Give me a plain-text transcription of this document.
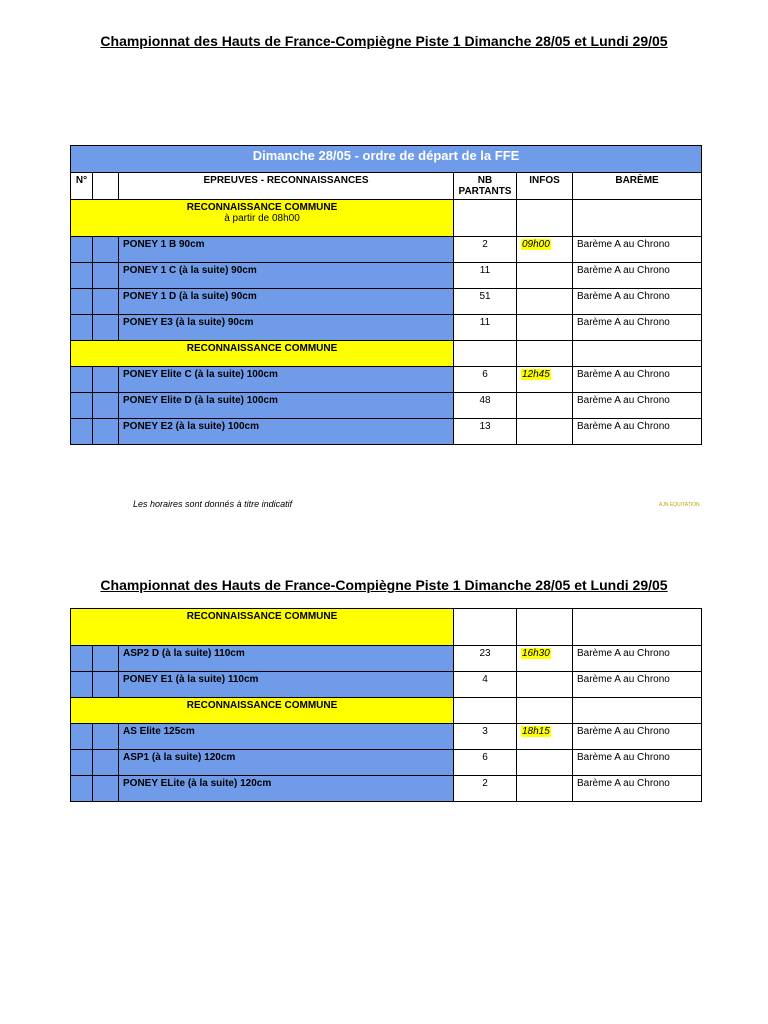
Championnat des Hauts de France-Compiègne Piste 1 Dimanche 28/05 et Lundi 29/05
Dimanche 28/05 - ordre de départ de la FFE					
N°		EPREUVES - RECONNAISSANCES	NB
PARTANTS	INFOS	BARÈME
RECONNAISSANCE COMMUNE
à partir de 08h00					

		PONEY 1 B 90cm	2	09h00	Barème A au Chrono
		PONEY 1 C (à la suite) 90cm	11		Barème A au Chrono
		PONEY 1 D (à la suite) 90cm	51		Barème A au Chrono
		PONEY E3 (à la suite) 90cm	11		Barème A au Chrono
RECONNAISSANCE COMMUNE					
		PONEY Elite C (à la suite) 100cm	6	12h45	Barème A au Chrono
		PONEY Elite D (à la suite) 100cm	48		Barème A au Chrono
		PONEY E2 (à la suite) 100cm	13		Barème A au Chrono
Les horaires sont donnés à titre indicatif	AJN EQUITATION
Championnat des Hauts de France-Compiègne Piste 1 Dimanche 28/05 et Lundi 29/05
RECONNAISSANCE COMMUNE					
		ASP2 D (à la suite) 110cm	23	16h30	Barème A au Chrono
		PONEY E1 (à la suite) 110cm	4		Barème A au Chrono
RECONNAISSANCE COMMUNE					
		AS Elite 125cm	3	18h15	Barème A au Chrono
		ASP1 (à la suite) 120cm	6		Barème A au Chrono
		PONEY ELite (à la suite) 120cm	2		Barème A au Chrono
